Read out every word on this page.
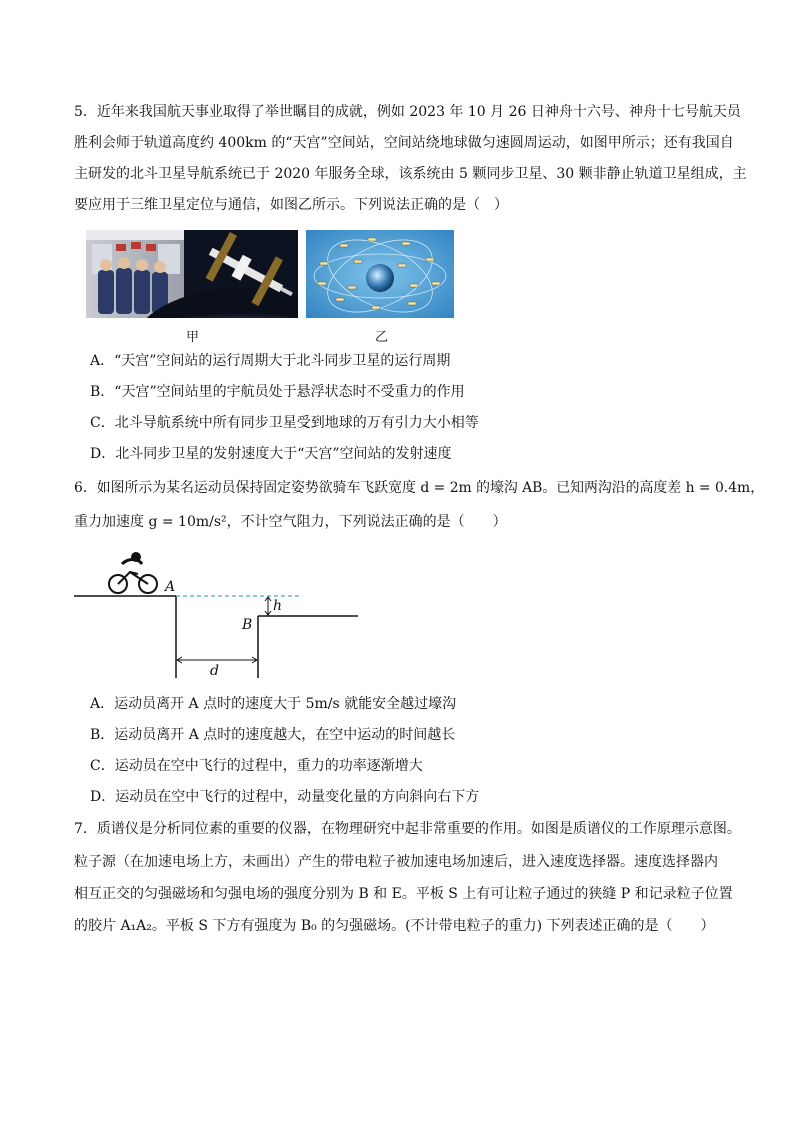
5．近年来我国航天事业取得了举世瞩目的成就，例如 2023 年 10 月 26 日神舟十六号、神舟十七号航天员
胜利会师于轨道高度约 400km 的“天宫”空间站，空间站绕地球做匀速圆周运动，如图甲所示；还有我国自
主研发的北斗卫星导航系统已于 2020 年服务全球，该系统由 5 颗同步卫星、30 颗非静止轨道卫星组成，主
要应用于三维卫星定位与通信，如图乙所示。下列说法正确的是（　）
甲	乙
A．“天宫”空间站的运行周期大于北斗同步卫星的运行周期
B．“天宫”空间站里的宇航员处于悬浮状态时不受重力的作用
C．北斗导航系统中所有同步卫星受到地球的万有引力大小相等
D．北斗同步卫星的发射速度大于“天宫”空间站的发射速度
6．如图所示为某名运动员保持固定姿势欲骑车飞跃宽度 d = 2m 的壕沟 AB。已知两沟沿的高度差 h = 0.4m，
重力加速度 g = 10m/s²，不计空气阻力，下列说法正确的是（　　）
A
B
h
d
A．运动员离开 A 点时的速度大于 5m/s 就能安全越过壕沟
B．运动员离开 A 点时的速度越大，在空中运动的时间越长
C．运动员在空中飞行的过程中，重力的功率逐渐增大
D．运动员在空中飞行的过程中，动量变化量的方向斜向右下方
7．质谱仪是分析同位素的重要的仪器，在物理研究中起非常重要的作用。如图是质谱仪的工作原理示意图。
粒子源（在加速电场上方，未画出）产生的带电粒子被加速电场加速后，进入速度选择器。速度选择器内
相互正交的匀强磁场和匀强电场的强度分别为 B 和 E。平板 S 上有可让粒子通过的狭缝 P 和记录粒子位置
的胶片 A₁A₂。平板 S 下方有强度为 B₀ 的匀强磁场。(不计带电粒子的重力) 下列表述正确的是（　　）
